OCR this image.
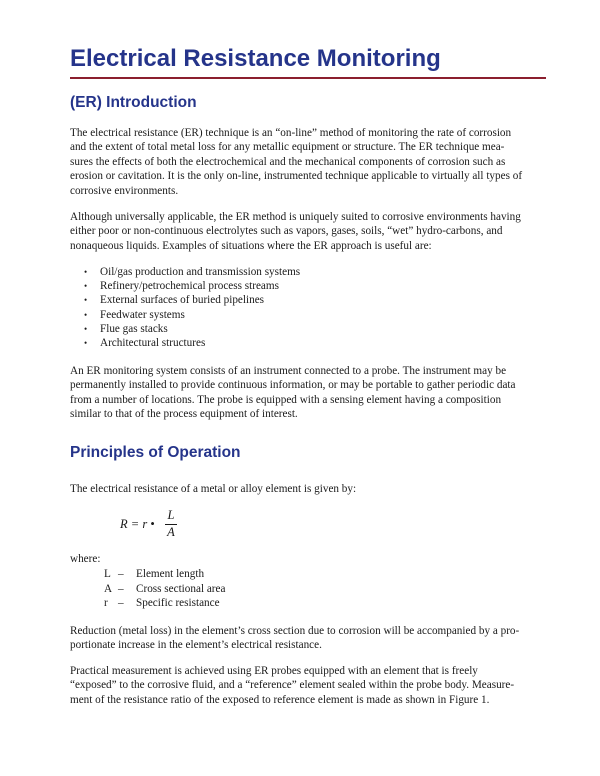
Electrical Resistance Monitoring
(ER) Introduction
The electrical resistance (ER) technique is an “on-line” method of monitoring the rate of corrosion
and the extent of total metal loss for any metallic equipment or structure. The ER technique mea-
sures the effects of both the electrochemical and the mechanical components of corrosion such as
erosion or cavitation. It is the only on-line, instrumented technique applicable to virtually all types of
corrosive environments.
Although universally applicable, the ER method is uniquely suited to corrosive environments having
either poor or non-continuous electrolytes such as vapors, gases, soils, “wet” hydro-carbons, and
nonaqueous liquids. Examples of situations where the ER approach is useful are:
• Oil/gas production and transmission systems
• Refinery/petrochemical process streams
• External surfaces of buried pipelines
• Feedwater systems
• Flue gas stacks
• Architectural structures
An ER monitoring system consists of an instrument connected to a probe. The instrument may be
permanently installed to provide continuous information, or may be portable to gather periodic data
from a number of locations. The probe is equipped with a sensing element having a composition
similar to that of the process equipment of interest.
Principles of Operation
The electrical resistance of a metal or alloy element is given by:
R = r •
L
A
where:
L –	Element length
A –	Cross sectional area
r –	Specific resistance
Reduction (metal loss) in the element’s cross section due to corrosion will be accompanied by a pro-
portionate increase in the element’s electrical resistance.
Practical measurement is achieved using ER probes equipped with an element that is freely
“exposed” to the corrosive fluid, and a “reference” element sealed within the probe body. Measure-
ment of the resistance ratio of the exposed to reference element is made as shown in Figure 1.
